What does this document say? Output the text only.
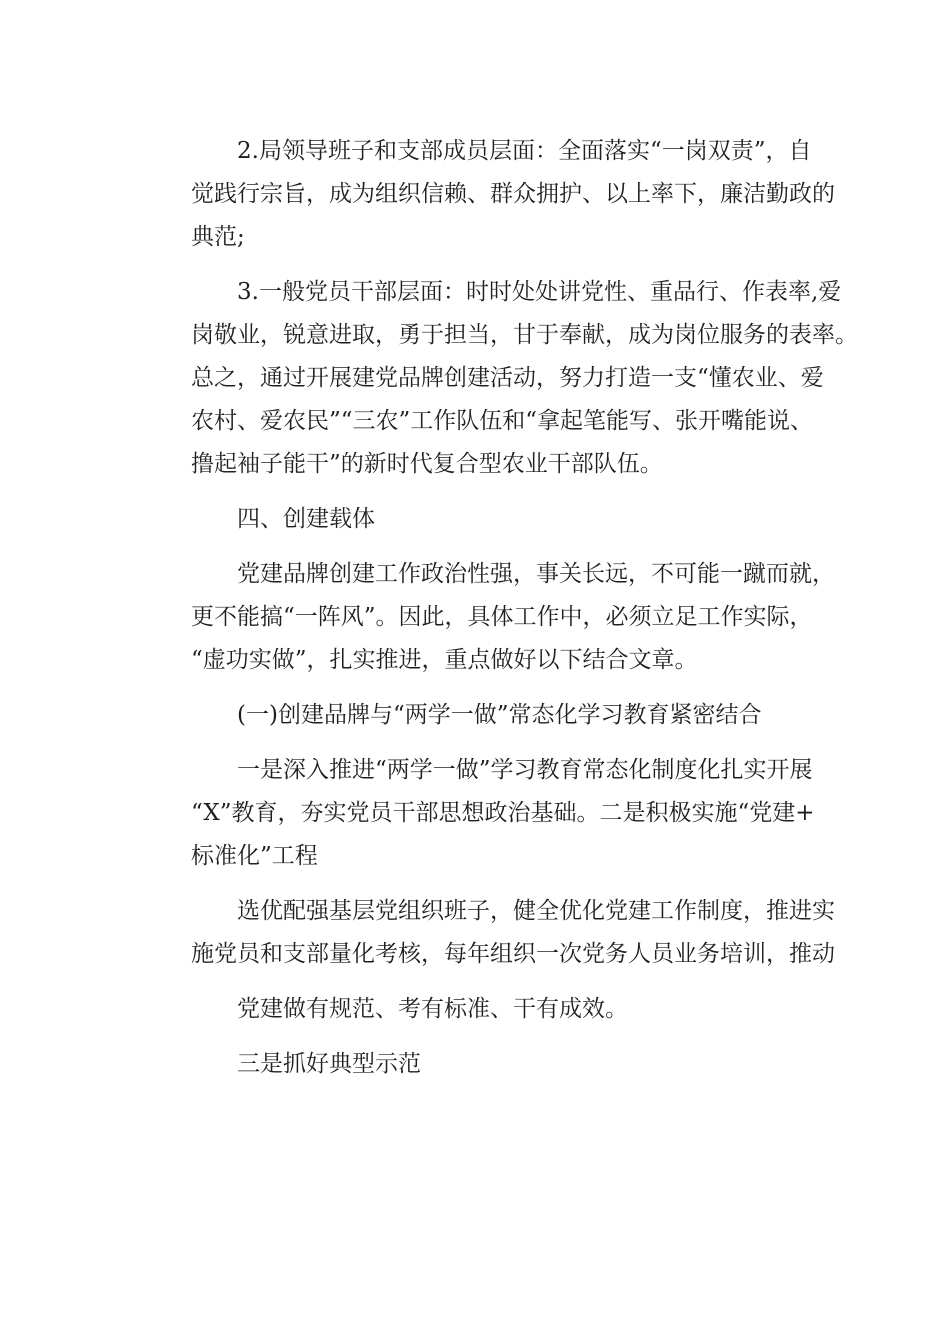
2.局领导班子和支部成员层面：全面落实“一岗双责”，自
觉践行宗旨，成为组织信赖、群众拥护、以上率下，廉洁勤政的
典范;
3.一般党员干部层面：时时处处讲党性、重品行、作表率,爱
岗敬业，锐意进取，勇于担当，甘于奉献，成为岗位服务的表率。
总之，通过开展建党品牌创建活动，努力打造一支“懂农业、爱
农村、爱农民”“三农”工作队伍和“拿起笔能写、张开嘴能说、
撸起袖子能干”的新时代复合型农业干部队伍。
四、创建载体
党建品牌创建工作政治性强，事关长远，不可能一蹴而就，
更不能搞“一阵风”。因此，具体工作中，必须立足工作实际，
“虚功实做”，扎实推进，重点做好以下结合文章。
(一)创建品牌与“两学一做”常态化学习教育紧密结合
一是深入推进“两学一做”学习教育常态化制度化扎实开展
“X”教育，夯实党员干部思想政治基础。二是积极实施“党建+
标准化”工程
选优配强基层党组织班子，健全优化党建工作制度，推进实
施党员和支部量化考核，每年组织一次党务人员业务培训，推动
党建做有规范、考有标准、干有成效。
三是抓好典型示范
